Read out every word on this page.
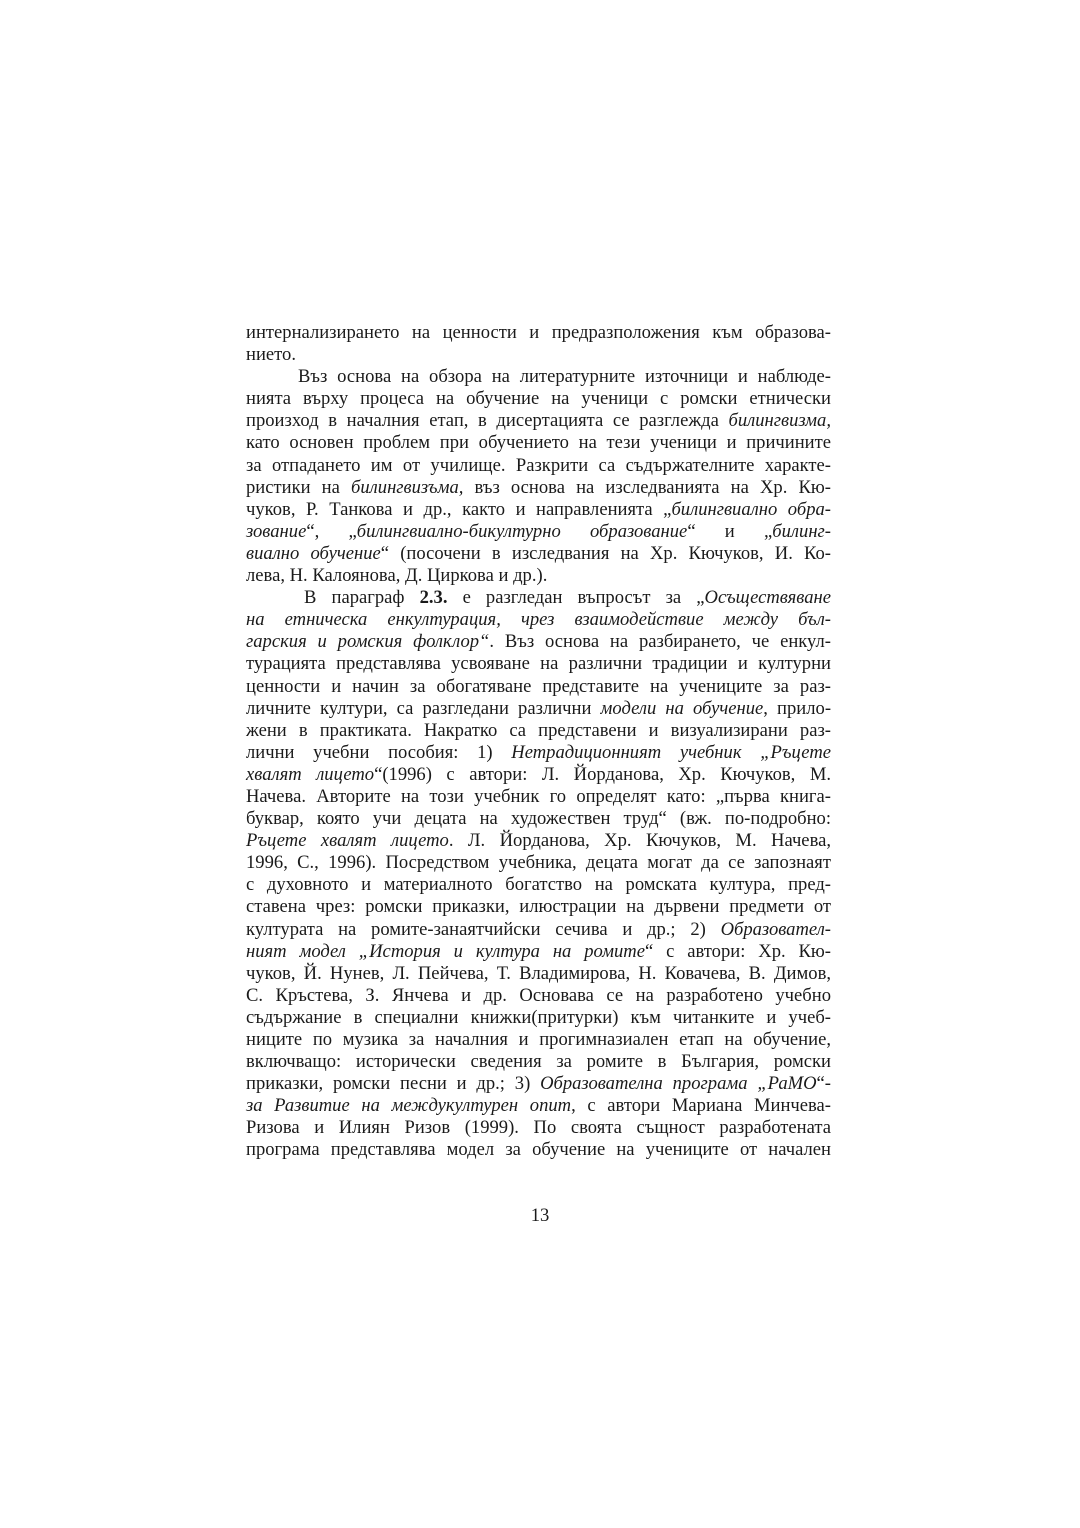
интернализирането на ценности и предразположения към образова-
нието.
Въз основа на обзора на литературните източници и наблюде-
нията върху процеса на обучение на ученици с ромски етнически
произход в началния етап, в дисертацията се разглежда билингвизма,
като основен проблем при обучението на тези ученици и причините
за отпадането им от училище. Разкрити са съдържателните характе-
ристики на билингвизъма, въз основа на изследванията на Хр. Кю-
чуков, Р. Танкова и др., както и направленията „билингвиално обра-
зование“, „билингвиално-бикултурно образование“ и „билинг-
виално обучение“ (посочени в изследвания на Хр. Кючуков, И. Ко-
лева, Н. Калоянова, Д. Циркова и др.).
В параграф 2.3. е разгледан въпросът за „Осъществяване
на етническа енкултурация, чрез взаимодействие между бъл-
гарския и ромския фолклор“. Въз основа на разбирането, че енкул-
турацията представлява усвояване на различни традиции и културни
ценности и начин за обогатяване представите на учениците за раз-
личните култури, са разгледани различни модели на обучение, прило-
жени в практиката. Накратко са представени и визуализирани раз-
лични учебни пособия: 1) Нетрадиционният учебник „Ръцете
хвалят лицето“(1996) с автори: Л. Йорданова, Хр. Кючуков, М.
Начева. Авторите на този учебник го определят като: „първа книга-
буквар, която учи децата на художествен труд“ (вж. по-подробно:
Ръцете хвалят лицето. Л. Йорданова, Хр. Кючуков, М. Начева,
1996, С., 1996). Посредством учебника, децата могат да се запознаят
с духовното и материалното богатство на ромската култура, пред-
ставена чрез: ромски приказки, илюстрации на дървени предмети от
културата на ромите-занаятчийски сечива и др.; 2) Образовател-
ният модел „История и култура на ромите“ с автори: Хр. Кю-
чуков, Й. Нунев, Л. Пейчева, Т. Владимирова, Н. Ковачева, В. Димов,
С. Кръстева, З. Янчева и др. Основава се на разработено учебно
съдържание в специални книжки(притурки) към читанките и учеб-
ниците по музика за началния и прогимназиален етап на обучение,
включващо: исторически сведения за ромите в България, ромски
приказки, ромски песни и др.; 3) Образователна програма „РаМО“-
за Развитие на междукултурен опит, с автори Мариана Минчева-
Ризова и Илиян Ризов (1999). По своята същност разработената
програма представлява модел за обучение на учениците от начален
13
